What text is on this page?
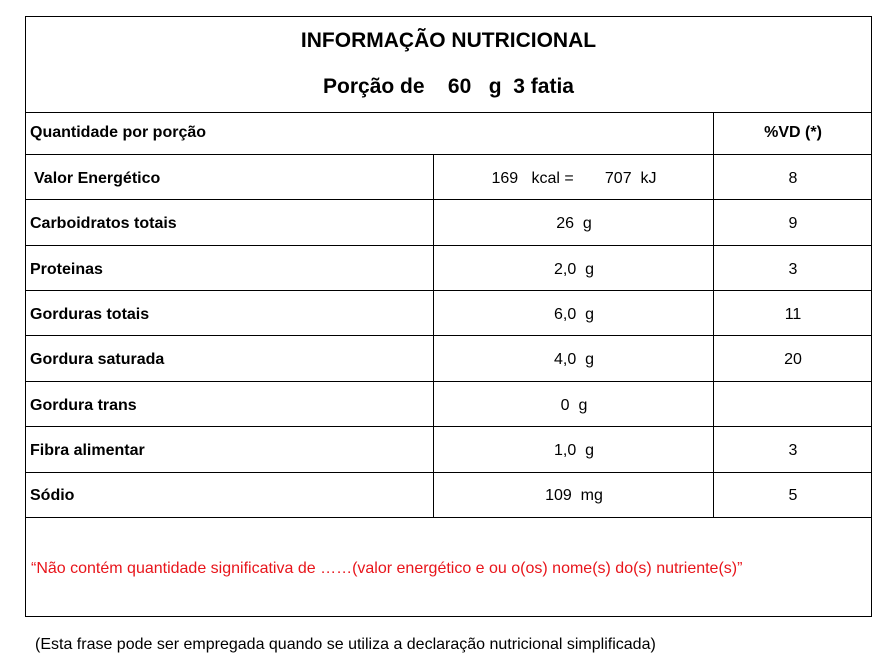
INFORMAÇÃO NUTRICIONAL
Porção de    60   g  3 fatia
Quantidade por porção	%VD (*)
Valor Energético	169   kcal =       707  kJ	8
Carboidratos totais	26  g	9
Proteinas	2,0  g	3
Gorduras totais	6,0  g	11
Gordura saturada	4,0  g	20
Gordura trans	0  g
Fibra alimentar	1,0  g	3
Sódio	109  mg	5
“Não contém quantidade significativa de ……(valor energético e ou o(os) nome(s) do(s) nutriente(s)”
(Esta frase pode ser empregada quando se utiliza a declaração nutricional simplificada)
